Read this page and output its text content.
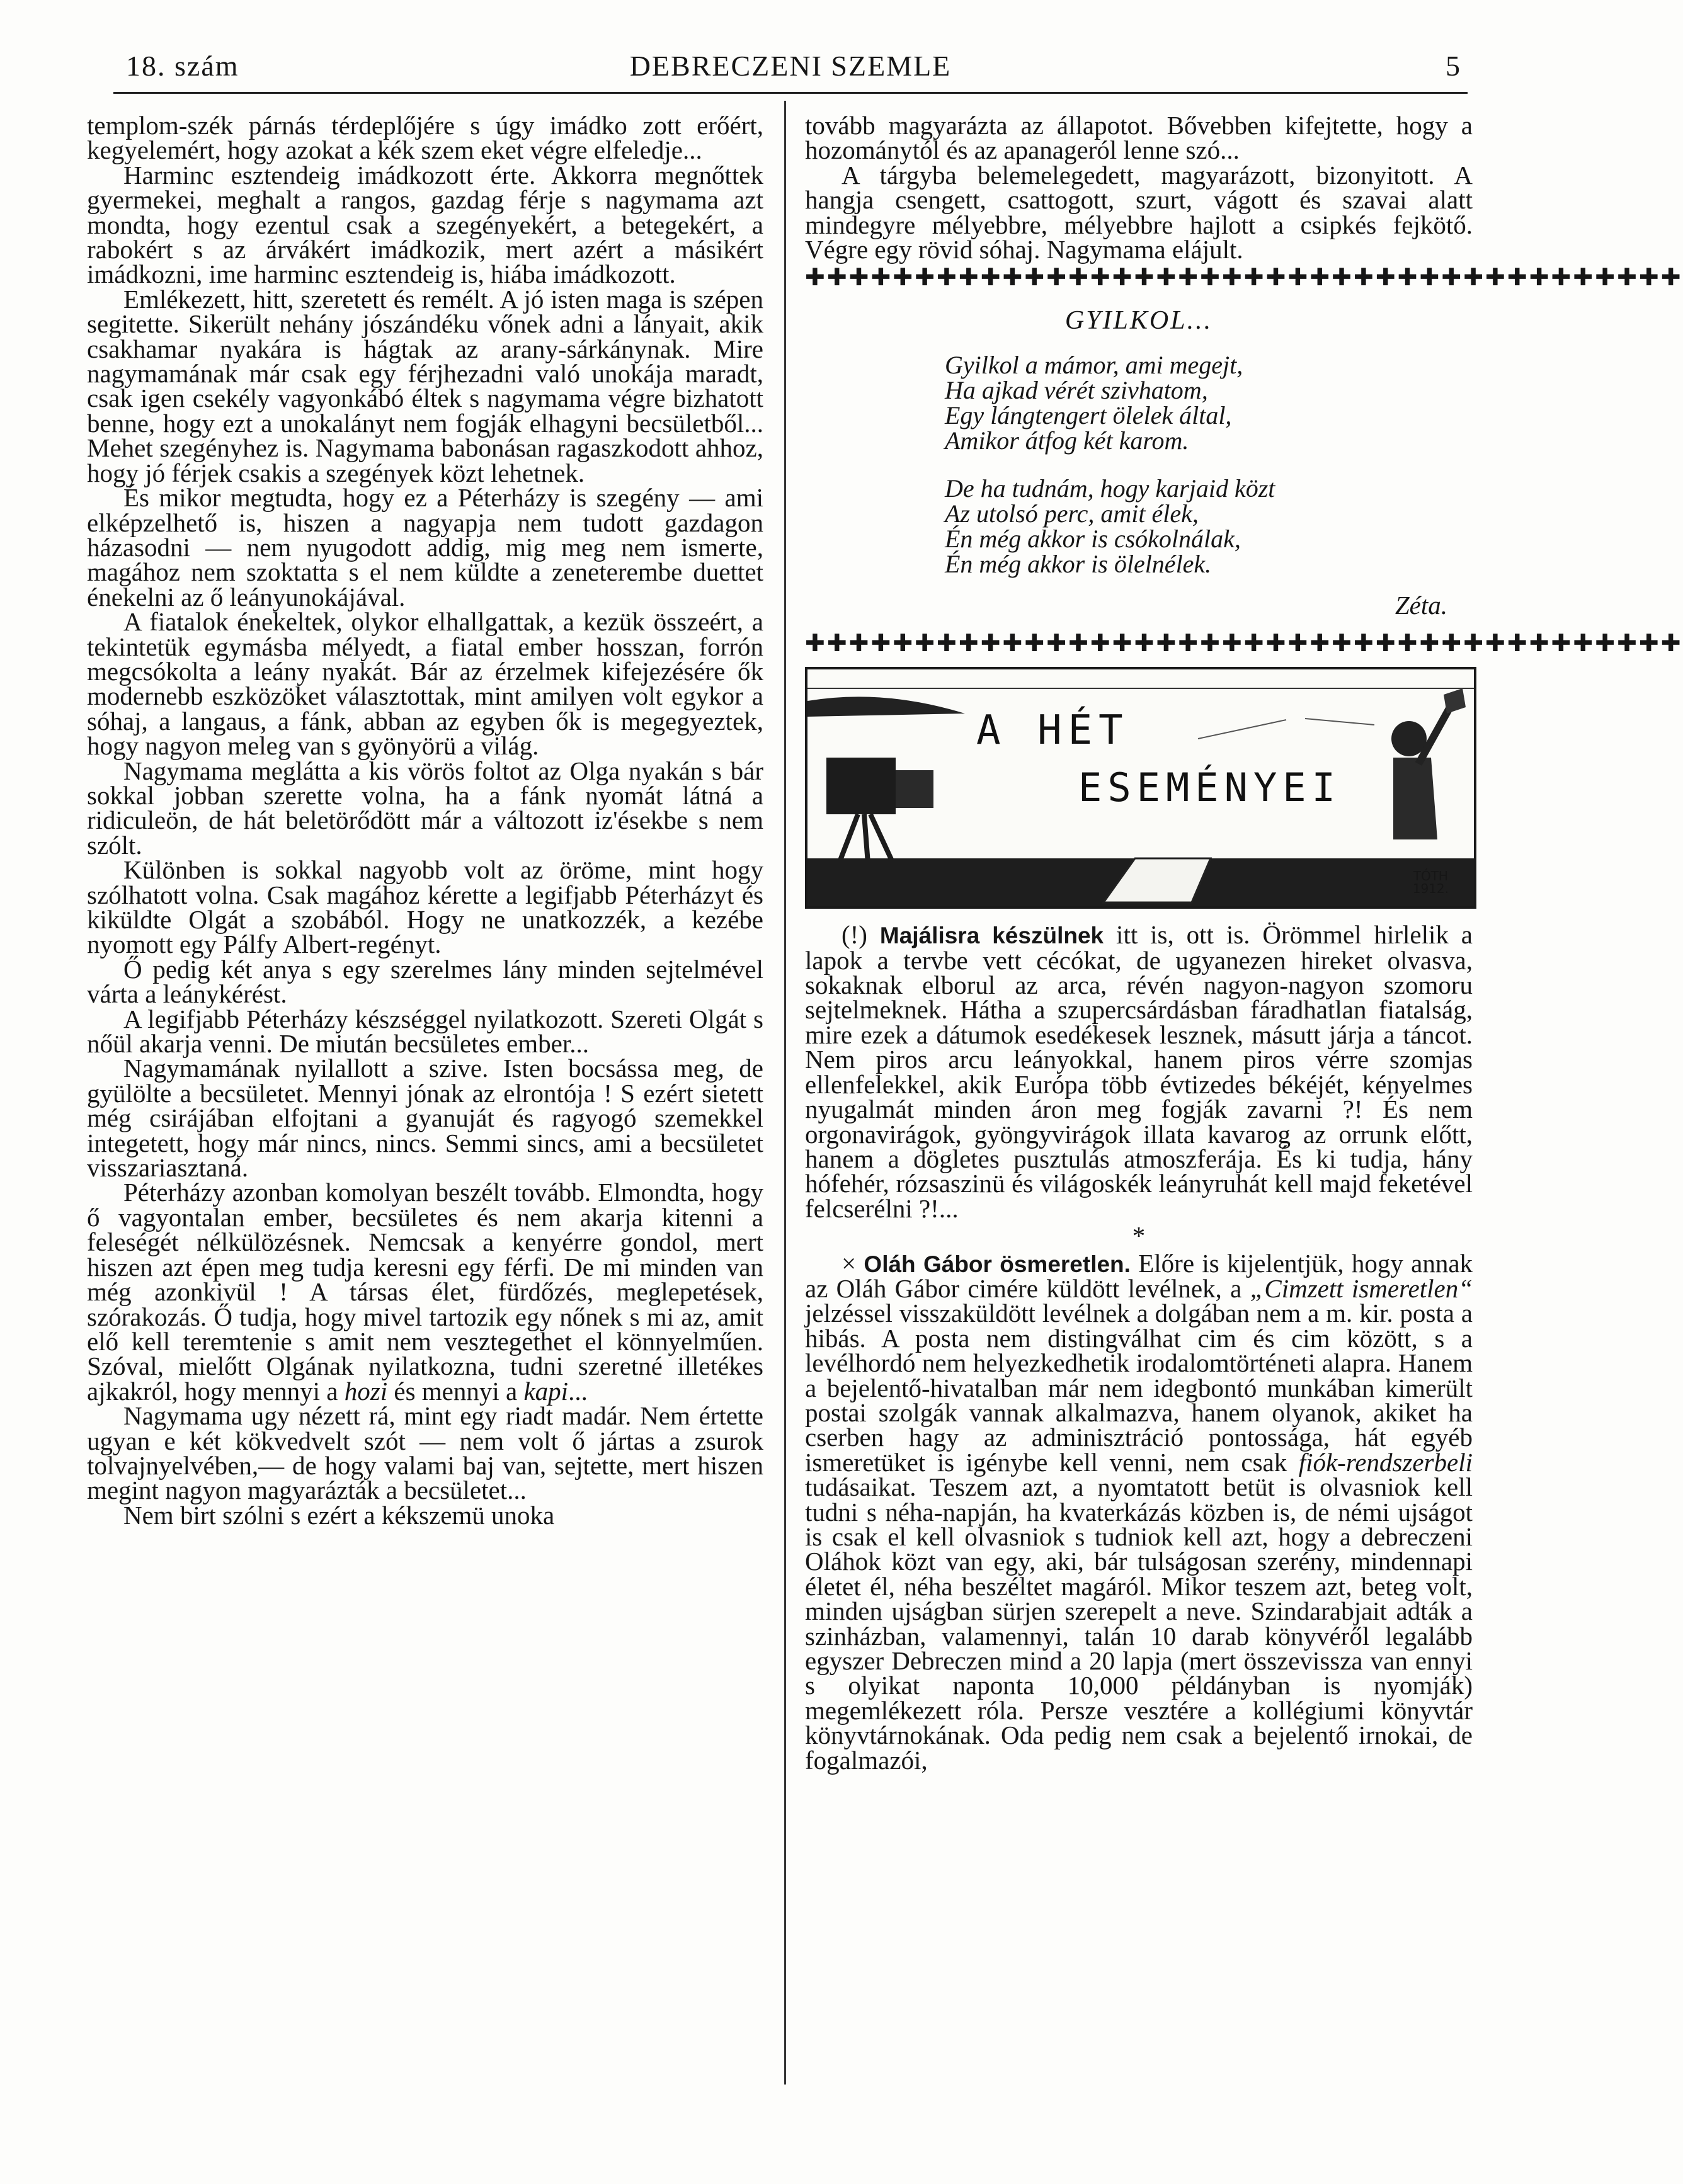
18. szám	DEBRECZENI SZEMLE	5

templom-szék párnás térdeplőjére s úgy imádko zott erőért, kegyelemért, hogy azokat a kék szem eket végre elfeledje...

Harminc esztendeig imádkozott érte. Akkorra megnőttek gyermekei, meghalt a rangos, gazdag férje s nagymama azt mondta, hogy ezentul csak a szegényekért, a betegekért, a rabokért s az árvákért imádkozik, mert azért a másikért imádkozni, ime harminc esztendeig is, hiába imádkozott.

Emlékezett, hitt, szeretett és remélt. A jó isten maga is szépen segitette. Sikerült nehány jószándéku vőnek adni a lányait, akik csakhamar nyakára is hágtak az arany-sárkánynak. Mire nagymamának már csak egy férjhezadni való unokája maradt, csak igen csekély vagyonkábó éltek s nagymama végre bizhatott benne, hogy ezt a unokalányt nem fogják elhagyni becsületből... Mehet szegényhez is. Nagymama babonásan ragaszkodott ahhoz, hogy jó férjek csakis a szegények közt lehetnek.

És mikor megtudta, hogy ez a Péterházy is szegény — ami elképzelhető is, hiszen a nagyapja nem tudott gazdagon házasodni — nem nyugodott addig, mig meg nem ismerte, magához nem szoktatta s el nem küldte a zeneterembe duettet énekelni az ő leányunokájával.

A fiatalok énekeltek, olykor elhallgattak, a kezük összeért, a tekintetük egymásba mélyedt, a fiatal ember hosszan, forrón megcsókolta a leány nyakát. Bár az érzelmek kifejezésére ők modernebb eszközöket választottak, mint amilyen volt egykor a sóhaj, a langaus, a fánk, abban az egyben ők is megegyeztek, hogy nagyon meleg van s gyönyörü a világ.

Nagymama meglátta a kis vörös foltot az Olga nyakán s bár sokkal jobban szerette volna, ha a fánk nyomát látná a ridiculeön, de hát beletörődött már a változott iz'ésekbe s nem szólt.

Különben is sokkal nagyobb volt az öröme, mint hogy szólhatott volna. Csak magához kérette a legifjabb Péterházyt és kiküldte Olgát a szobából. Hogy ne unatkozzék, a kezébe nyomott egy Pálfy Albert-regényt.

Ő pedig két anya s egy szerelmes lány minden sejtelmével várta a leánykérést.

A legifjabb Péterházy készséggel nyilatkozott. Szereti Olgát s nőül akarja venni. De miután becsületes ember...

Nagymamának nyilallott a szive. Isten bocsássa meg, de gyülölte a becsületet. Mennyi jónak az elrontója ! S ezért sietett még csirájában elfojtani a gyanuját és ragyogó szemekkel integetett, hogy már nincs, nincs. Semmi sincs, ami a becsületet visszariasztaná.

Péterházy azonban komolyan beszélt tovább. Elmondta, hogy ő vagyontalan ember, becsületes és nem akarja kitenni a feleségét nélkülözésnek. Nemcsak a kenyérre gondol, mert hiszen azt épen meg tudja keresni egy férfi. De mi minden van még azonkivül ! A társas élet, fürdőzés, meglepetések, szórakozás. Ő tudja, hogy mivel tartozik egy nőnek s mi az, amit elő kell teremtenie s amit nem vesztegethet el könnyelműen. Szóval, mielőtt Olgának nyilatkozna, tudni szeretné illetékes ajkakról, hogy mennyi a hozi és mennyi a kapi...

Nagymama ugy nézett rá, mint egy riadt madár. Nem értette ugyan e két kökvedvelt szót — nem volt ő jártas a zsurok tolvajnyelvében,— de hogy valami baj van, sejtette, mert hiszen megint nagyon magyarázták a becsületet...

Nem birt szólni s ezért a kékszemü unoka

tovább magyarázta az állapotot. Bővebben kifejtette, hogy a hozománytól és az apanageról lenne szó...

A tárgyba belemelegedett, magyarázott, bizonyitott. A hangja csengett, csattogott, szurt, vágott és szavai alatt mindegyre mélyebbre, mélyebbre hajlott a csipkés fejkötő. Végre egy rövid sóhaj. Nagymama elájult.

✚✚✚✚✚✚✚✚✚✚✚✚✚✚✚✚✚✚✚✚✚✚✚✚✚✚✚✚✚✚✚✚✚✚✚✚✚✚✚✚
GYILKOL...
Gyilkol a mámor, ami megejt,
Ha ajkad vérét szivhatom,
Egy lángtengert ölelek által,
Amikor átfog két karom.
De ha tudnám, hogy karjaid közt
Az utolsó perc, amit élek,
Én még akkor is csókolnálak,
Én még akkor is ölelnélek.
Zéta.
✚✚✚✚✚✚✚✚✚✚✚✚✚✚✚✚✚✚✚✚✚✚✚✚✚✚✚✚✚✚✚✚✚✚✚✚✚✚✚✚
A HÉT
ESEMÉNYEI
TÓTH
1912.

(!) Majálisra készülnek itt is, ott is. Örömmel hirlelik a lapok a tervbe vett cécókat, de ugyanezen hireket olvasva, sokaknak elborul az arca, révén nagyon-nagyon szomoru sejtelmeknek. Hátha a szupercsárdásban fáradhatlan fiatalság, mire ezek a dátumok esedékesek lesznek, másutt járja a táncot. Nem piros arcu leányokkal, hanem piros vérre szomjas ellenfelekkel, akik Európa több évtizedes békéjét, kényelmes nyugalmát minden áron meg fogják zavarni ?! És nem orgonavirágok, gyöngyvirágok illata kavarog az orrunk előtt, hanem a dögletes pusztulás atmoszferája. És ki tudja, hány hófehér, rózsaszinü és világoskék leányruhát kell majd feketével felcserélni ?!...

*

× Oláh Gábor ösmeretlen. Előre is kijelentjük, hogy annak az Oláh Gábor cimére küldött levélnek, a „Cimzett ismeretlen“ jelzéssel visszaküldött levélnek a dolgában nem a m. kir. posta a hibás. A posta nem distingválhat cim és cim között, s a levélhordó nem helyezkedhetik irodalomtörténeti alapra. Hanem a bejelentő-hivatalban már nem idegbontó munkában kimerült postai szolgák vannak alkalmazva, hanem olyanok, akiket ha cserben hagy az adminisztráció pontossága, hát egyéb ismeretüket is igénybe kell venni, nem csak fiók-rendszerbeli tudásaikat. Teszem azt, a nyomtatott betüt is olvasniok kell tudni s néha-napján, ha kvaterkázás közben is, de némi ujságot is csak el kell olvasniok s tudniok kell azt, hogy a debreczeni Oláhok közt van egy, aki, bár tulságosan szerény, mindennapi életet él, néha beszéltet magáról. Mikor teszem azt, beteg volt, minden ujságban sürjen szerepelt a neve. Szindarabjait adták a szinházban, valamennyi, talán 10 darab könyvéről legalább egyszer Debreczen mind a 20 lapja (mert összevissza van ennyi s olyikat naponta 10,000 példányban is nyomják) megemlékezett róla. Persze vesztére a kollégiumi könyvtár könyvtárnokának. Oda pedig nem csak a bejelentő irnokai, de fogalmazói,
